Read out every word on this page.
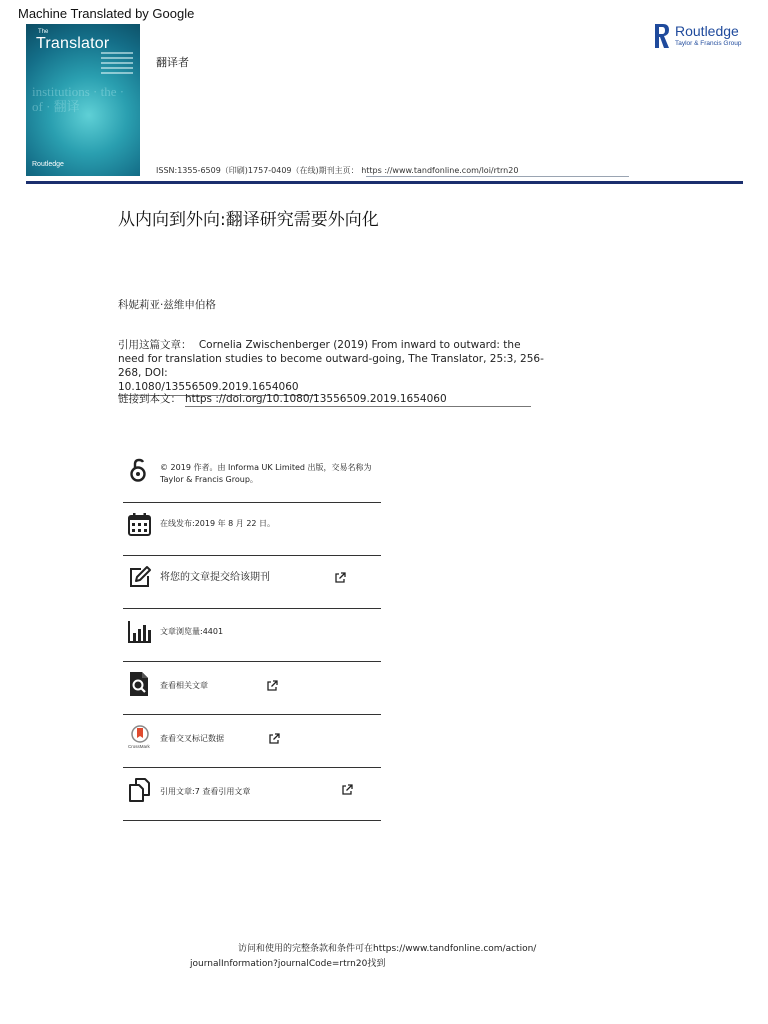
Machine Translated by Google
The
Translator
institutions · the · of · 翻译
Routledge
翻译者
ISSN:1355-6509（印刷)1757-0409（在线)期刊主页： https ://www.tandfonline.com/loi/rtrn20
Routledge
Taylor & Francis Group
从内向到外向:翻译研究需要外向化
科妮莉亚·兹维申伯格
引用这篇文章： Cornelia Zwischenberger (2019) From inward to outward: the need for translation studies to become outward-going, The Translator, 25:3, 256-268, DOI:
10.1080/13556509.2019.1654060
链接到本文： https ://doi.org/10.1080/13556509.2019.1654060
© 2019 作者。由 Informa UK Limited 出版，交易名称为 Taylor & Francis Group。
在线发布:2019 年 8 月 22 日。
将您的文章提交给该期刊
文章浏览量:4401
查看相关文章
CrossMark
查看交叉标记数据
引用文章:7 查看引用文章
访问和使用的完整条款和条件可在https://www.tandfonline.com/action/
journalInformation?journalCode=rtrn20找到
